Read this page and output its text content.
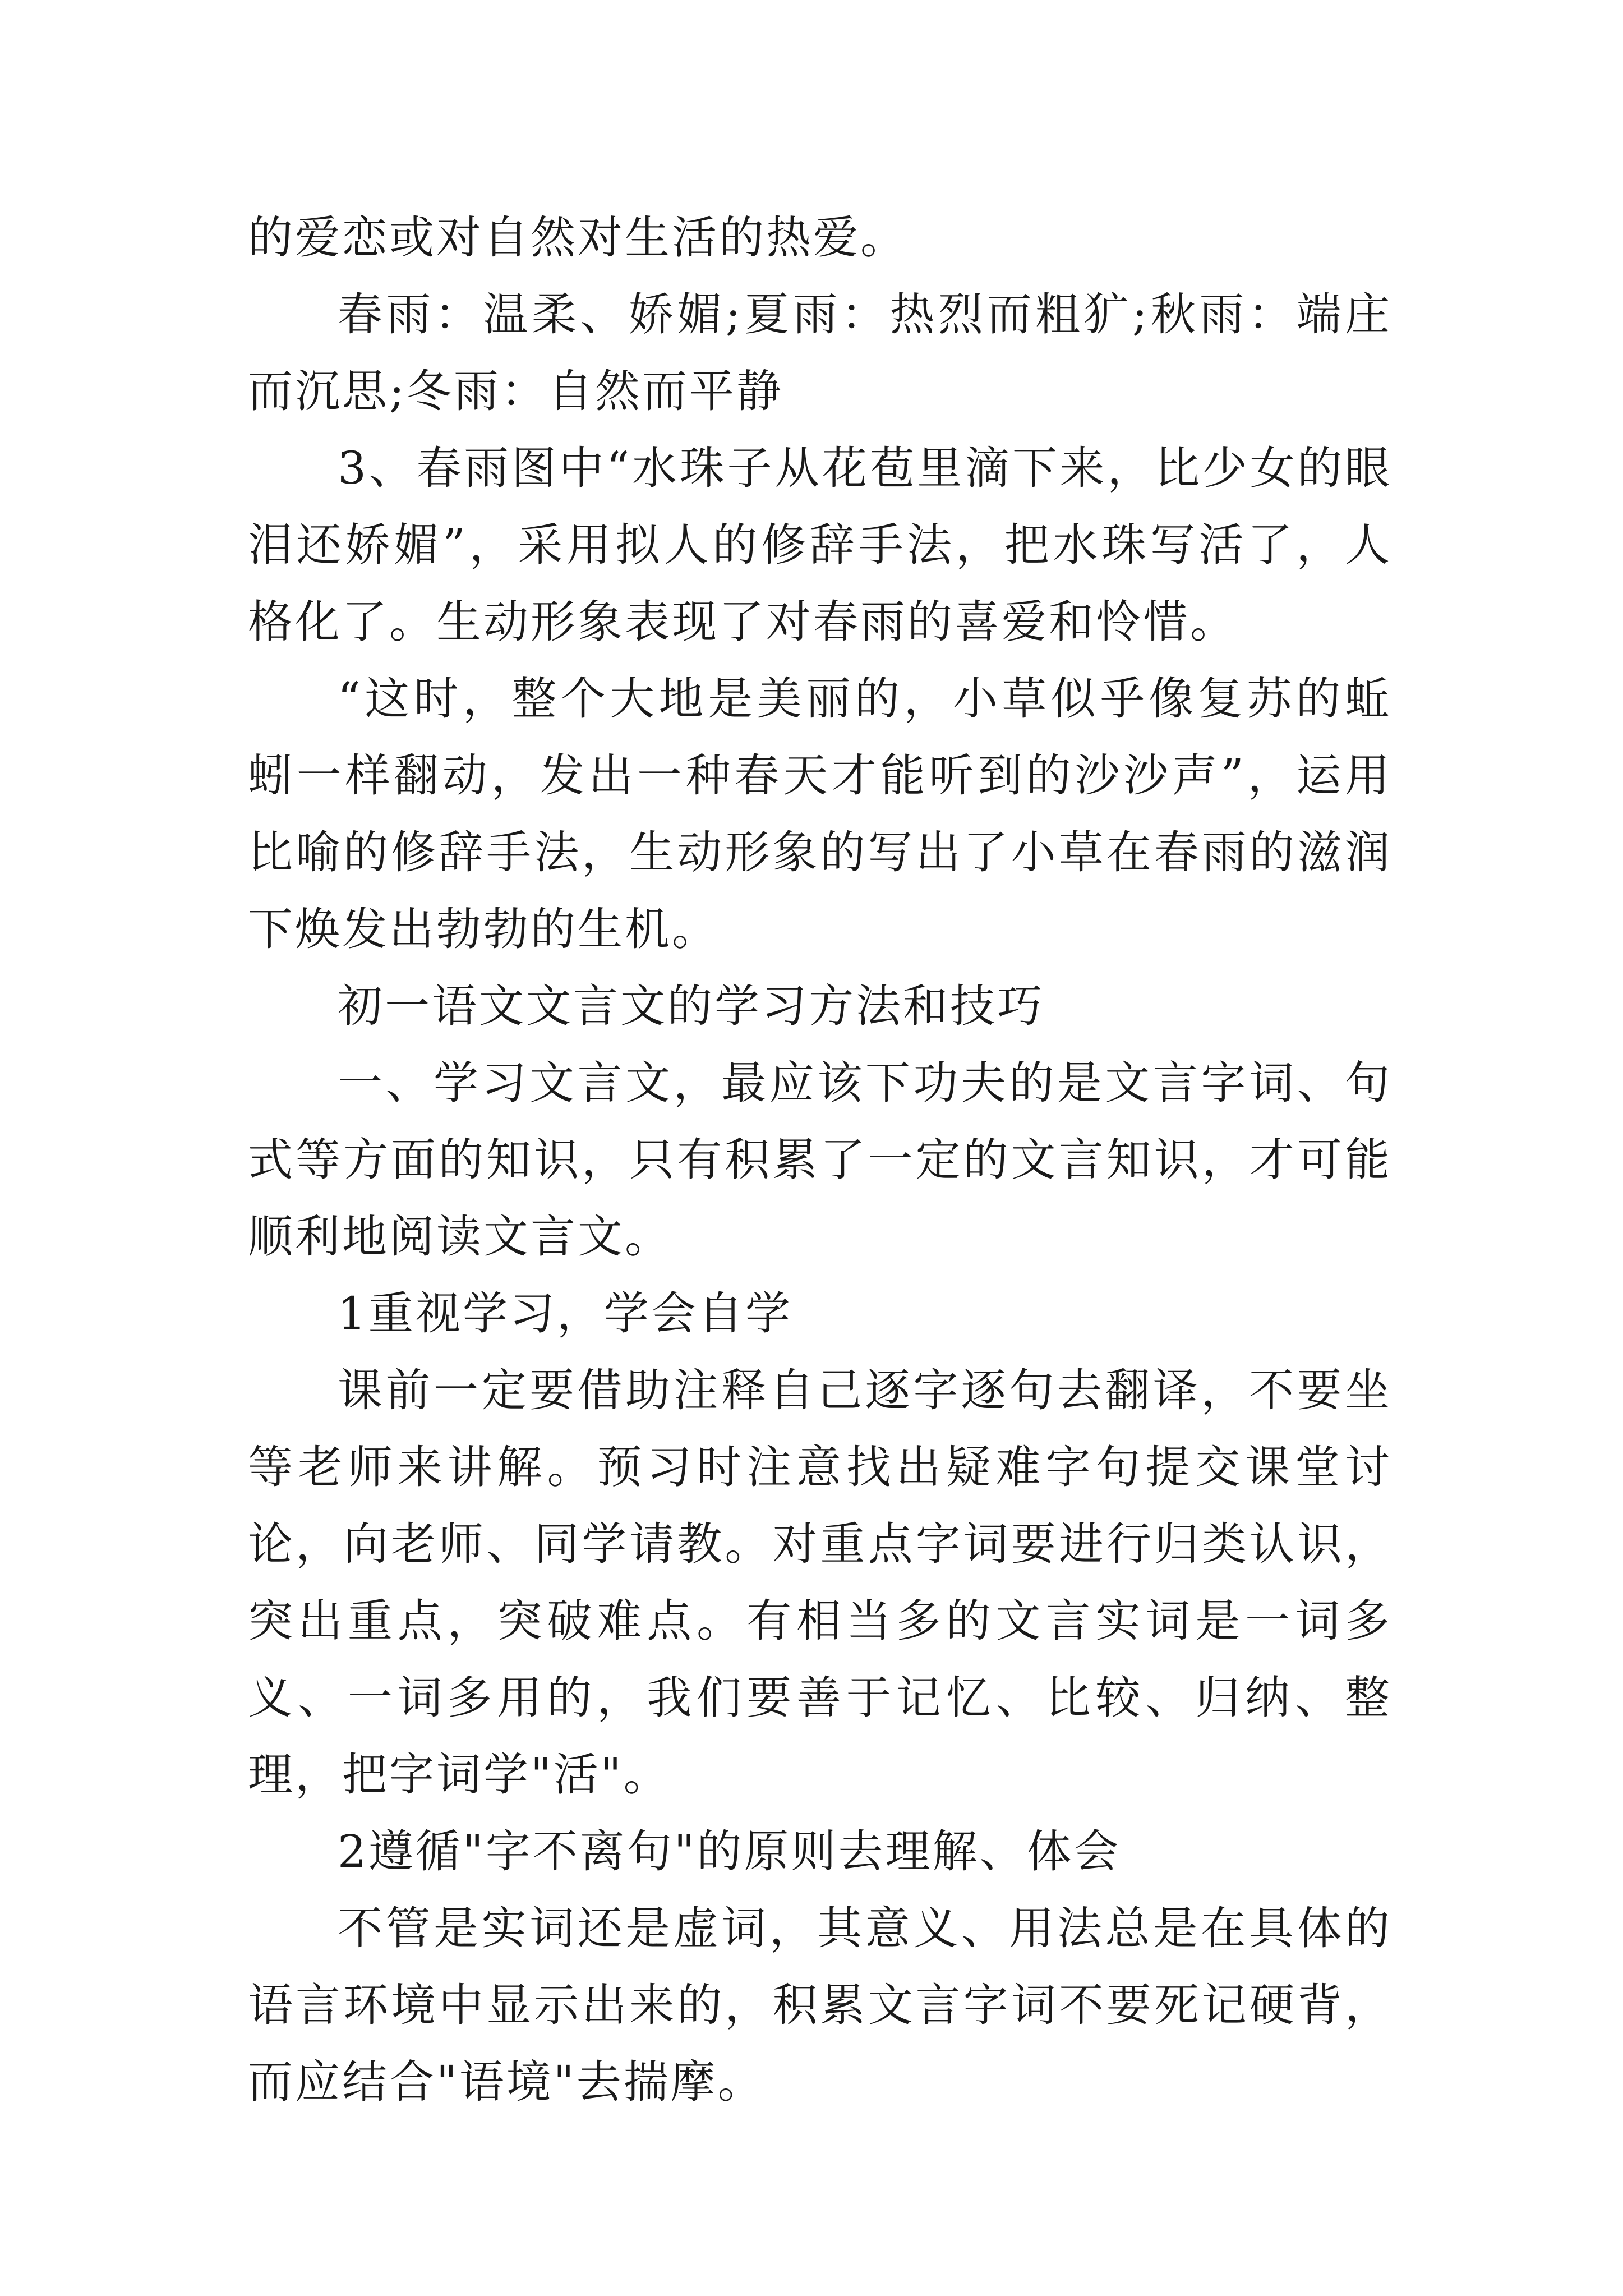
的爱恋或对自然对生活的热爱。

春雨：温柔、娇媚;夏雨：热烈而粗犷;秋雨：端庄而沉思;冬雨：自然而平静

3、春雨图中“水珠子从花苞里滴下来，比少女的眼泪还娇媚”，采用拟人的修辞手法，把水珠写活了，人格化了。生动形象表现了对春雨的喜爱和怜惜。

“这时，整个大地是美丽的，小草似乎像复苏的蚯蚓一样翻动，发出一种春天才能听到的沙沙声”，运用比喻的修辞手法，生动形象的写出了小草在春雨的滋润下焕发出勃勃的生机。

初一语文文言文的学习方法和技巧

一、学习文言文，最应该下功夫的是文言字词、句式等方面的知识，只有积累了一定的文言知识，才可能顺利地阅读文言文。

1重视学习，学会自学

课前一定要借助注释自己逐字逐句去翻译，不要坐等老师来讲解。预习时注意找出疑难字句提交课堂讨论，向老师、同学请教。对重点字词要进行归类认识，突出重点，突破难点。有相当多的文言实词是一词多义、一词多用的，我们要善于记忆、比较、归纳、整理，把字词学"活"。

2遵循"字不离句"的原则去理解、体会

不管是实词还是虚词，其意义、用法总是在具体的语言环境中显示出来的，积累文言字词不要死记硬背，而应结合"语境"去揣摩。
